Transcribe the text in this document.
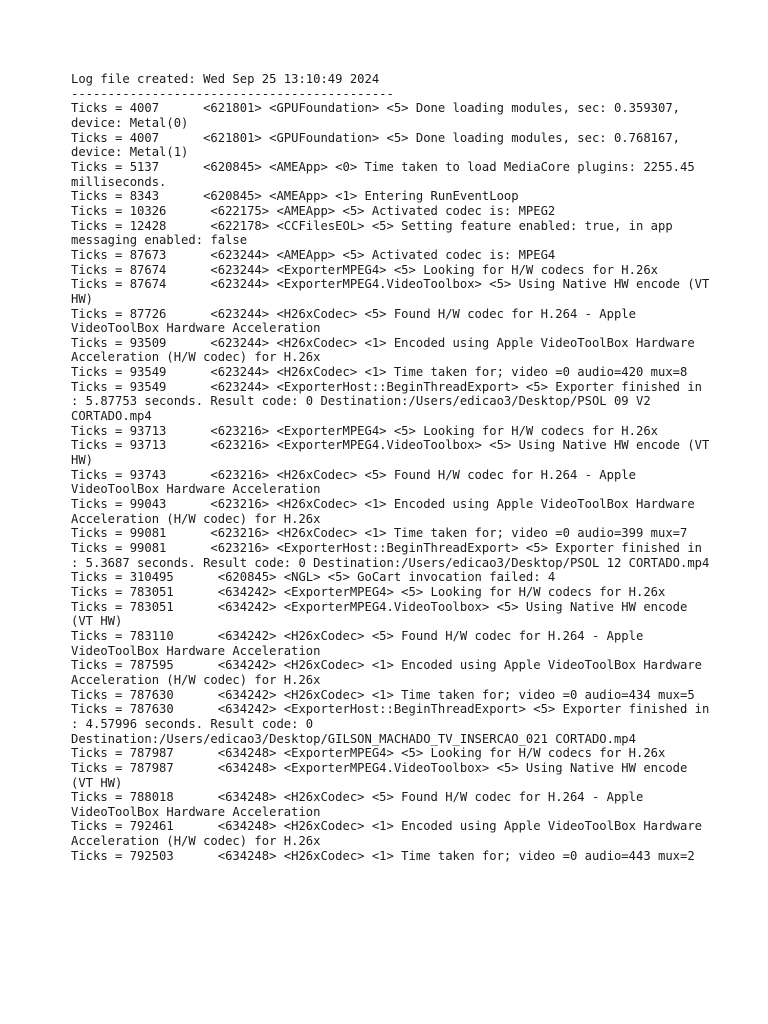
Log file created: Wed Sep 25 13:10:49 2024
--------------------------------------------
Ticks = 4007      <621801> <GPUFoundation> <5> Done loading modules, sec: 0.359307, device: Metal(0)
Ticks = 4007      <621801> <GPUFoundation> <5> Done loading modules, sec: 0.768167, device: Metal(1)
Ticks = 5137      <620845> <AMEApp> <0> Time taken to load MediaCore plugins: 2255.45 milliseconds.
Ticks = 8343      <620845> <AMEApp> <1> Entering RunEventLoop
Ticks = 10326      <622175> <AMEApp> <5> Activated codec is: MPEG2
Ticks = 12428      <622178> <CCFilesEOL> <5> Setting feature enabled: true, in app messaging enabled: false
Ticks = 87673      <623244> <AMEApp> <5> Activated codec is: MPEG4
Ticks = 87674      <623244> <ExporterMPEG4> <5> Looking for H/W codecs for H.26x
Ticks = 87674      <623244> <ExporterMPEG4.VideoToolbox> <5> Using Native HW encode (VT HW)
Ticks = 87726      <623244> <H26xCodec> <5> Found H/W codec for H.264 - Apple VideoToolBox Hardware Acceleration
Ticks = 93509      <623244> <H26xCodec> <1> Encoded using Apple VideoToolBox Hardware Acceleration (H/W codec) for H.26x
Ticks = 93549      <623244> <H26xCodec> <1> Time taken for; video =0 audio=420 mux=8
Ticks = 93549      <623244> <ExporterHost::BeginThreadExport> <5> Exporter finished in : 5.87753 seconds. Result code: 0 Destination:/Users/edicao3/Desktop/PSOL 09 V2 CORTADO.mp4
Ticks = 93713      <623216> <ExporterMPEG4> <5> Looking for H/W codecs for H.26x
Ticks = 93713      <623216> <ExporterMPEG4.VideoToolbox> <5> Using Native HW encode (VT HW)
Ticks = 93743      <623216> <H26xCodec> <5> Found H/W codec for H.264 - Apple VideoToolBox Hardware Acceleration
Ticks = 99043      <623216> <H26xCodec> <1> Encoded using Apple VideoToolBox Hardware Acceleration (H/W codec) for H.26x
Ticks = 99081      <623216> <H26xCodec> <1> Time taken for; video =0 audio=399 mux=7
Ticks = 99081      <623216> <ExporterHost::BeginThreadExport> <5> Exporter finished in : 5.3687 seconds. Result code: 0 Destination:/Users/edicao3/Desktop/PSOL 12 CORTADO.mp4
Ticks = 310495      <620845> <NGL> <5> GoCart invocation failed: 4
Ticks = 783051      <634242> <ExporterMPEG4> <5> Looking for H/W codecs for H.26x
Ticks = 783051      <634242> <ExporterMPEG4.VideoToolbox> <5> Using Native HW encode (VT HW)
Ticks = 783110      <634242> <H26xCodec> <5> Found H/W codec for H.264 - Apple VideoToolBox Hardware Acceleration
Ticks = 787595      <634242> <H26xCodec> <1> Encoded using Apple VideoToolBox Hardware Acceleration (H/W codec) for H.26x
Ticks = 787630      <634242> <H26xCodec> <1> Time taken for; video =0 audio=434 mux=5
Ticks = 787630      <634242> <ExporterHost::BeginThreadExport> <5> Exporter finished in : 4.57996 seconds. Result code: 0 Destination:/Users/edicao3/Desktop/GILSON_MACHADO_TV_INSERCAO_021 CORTADO.mp4
Ticks = 787987      <634248> <ExporterMPEG4> <5> Looking for H/W codecs for H.26x
Ticks = 787987      <634248> <ExporterMPEG4.VideoToolbox> <5> Using Native HW encode (VT HW)
Ticks = 788018      <634248> <H26xCodec> <5> Found H/W codec for H.264 - Apple VideoToolBox Hardware Acceleration
Ticks = 792461      <634248> <H26xCodec> <1> Encoded using Apple VideoToolBox Hardware Acceleration (H/W codec) for H.26x
Ticks = 792503      <634248> <H26xCodec> <1> Time taken for; video =0 audio=443 mux=2
